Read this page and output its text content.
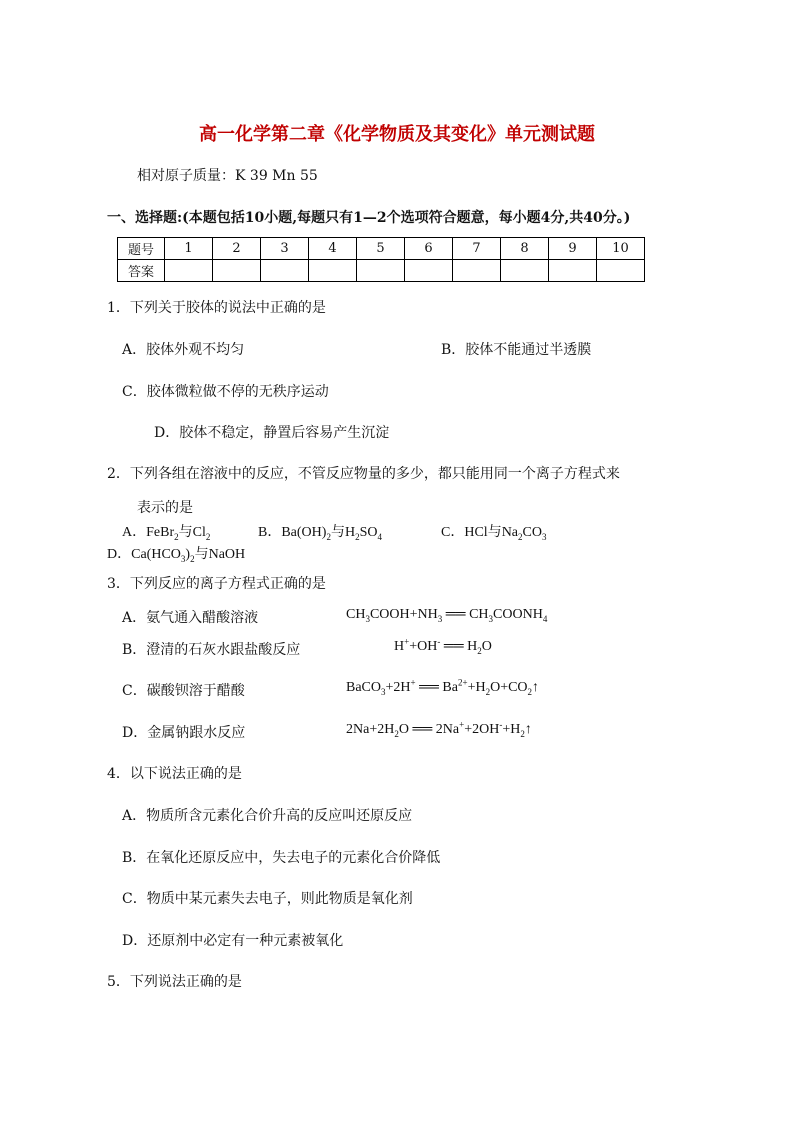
高一化学第二章《化学物质及其变化》单元测试题
相对原子质量：K 39 Mn 55
一、选择题:(本题包括10小题,每题只有1—2个选项符合题意，每小题4分,共40分。)
题号	1	2	3	4	5	6	7	8	9	10
答案										
1．下列关于胶体的说法中正确的是
A．胶体外观不均匀	B．胶体不能通过半透膜
C．胶体微粒做不停的无秩序运动
D．胶体不稳定，静置后容易产生沉淀
2．下列各组在溶液中的反应，不管反应物量的多少，都只能用同一个离子方程式来
表示的是
A．FeBr$_2$与$Cl_2$	B．$Ba(OH)_2$与$H_2SO_4$	C．HCl与$Na_2CO_3$
D．$Ca(HCO_3)_2$与NaOH
3．下列反应的离子方程式正确的是
A．氨气通入醋酸溶液	$CH_3COOH+NH_3$ ══ $CH_3COONH_4$
B．澄清的石灰水跟盐酸反应	H++OH- ══ $H_2O$
C．碳酸钡溶于醋酸	BaCO$_3$+2H+ ══ $Ba^{2+}+H_2O+CO_2↑$
D．金属钠跟水反应	$2Na+2H_2O$ ══ $2Na^++2OH^-+H_2↑$
4．以下说法正确的是
A．物质所含元素化合价升高的反应叫还原反应
B．在氧化还原反应中，失去电子的元素化合价降低
C．物质中某元素失去电子，则此物质是氧化剂
D．还原剂中必定有一种元素被氧化
5．下列说法正确的是
